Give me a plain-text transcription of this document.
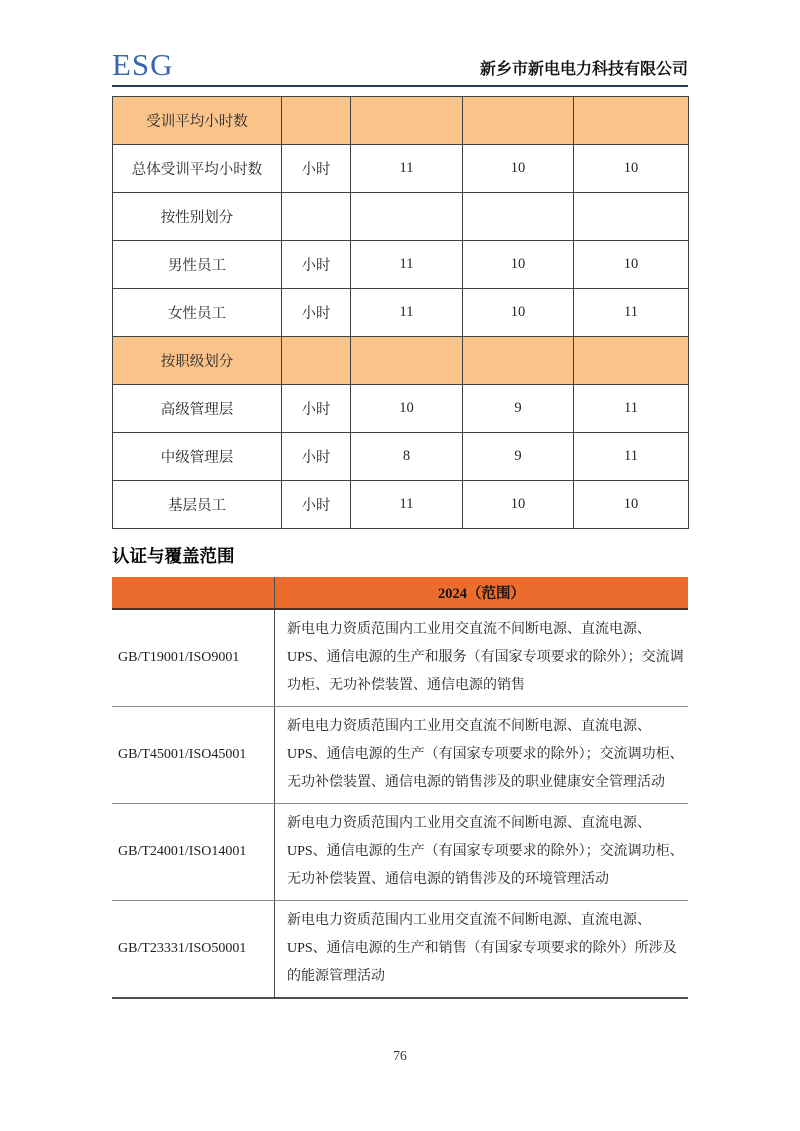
ESG	新乡市新电电力科技有限公司
受训平均小时数				
总体受训平均小时数	小时	11	10	10
按性别划分				
男性员工	小时	11	10	10
女性员工	小时	11	10	11
按职级划分				
高级管理层	小时	10	9	11
中级管理层	小时	8	9	11
基层员工	小时	11	10	10
认证与覆盖范围
	2024（范围）
GB/T19001/ISO9001	新电电力资质范围内工业用交直流不间断电源、直流电源、UPS、通信电源的生产和服务（有国家专项要求的除外）；交流调功柜、无功补偿装置、通信电源的销售
GB/T45001/ISO45001	新电电力资质范围内工业用交直流不间断电源、直流电源、UPS、通信电源的生产（有国家专项要求的除外）；交流调功柜、无功补偿装置、通信电源的销售涉及的职业健康安全管理活动
GB/T24001/ISO14001	新电电力资质范围内工业用交直流不间断电源、直流电源、UPS、通信电源的生产（有国家专项要求的除外）；交流调功柜、无功补偿装置、通信电源的销售涉及的环境管理活动
GB/T23331/ISO50001	新电电力资质范围内工业用交直流不间断电源、直流电源、UPS、通信电源的生产和销售（有国家专项要求的除外）所涉及的能源管理活动
76
